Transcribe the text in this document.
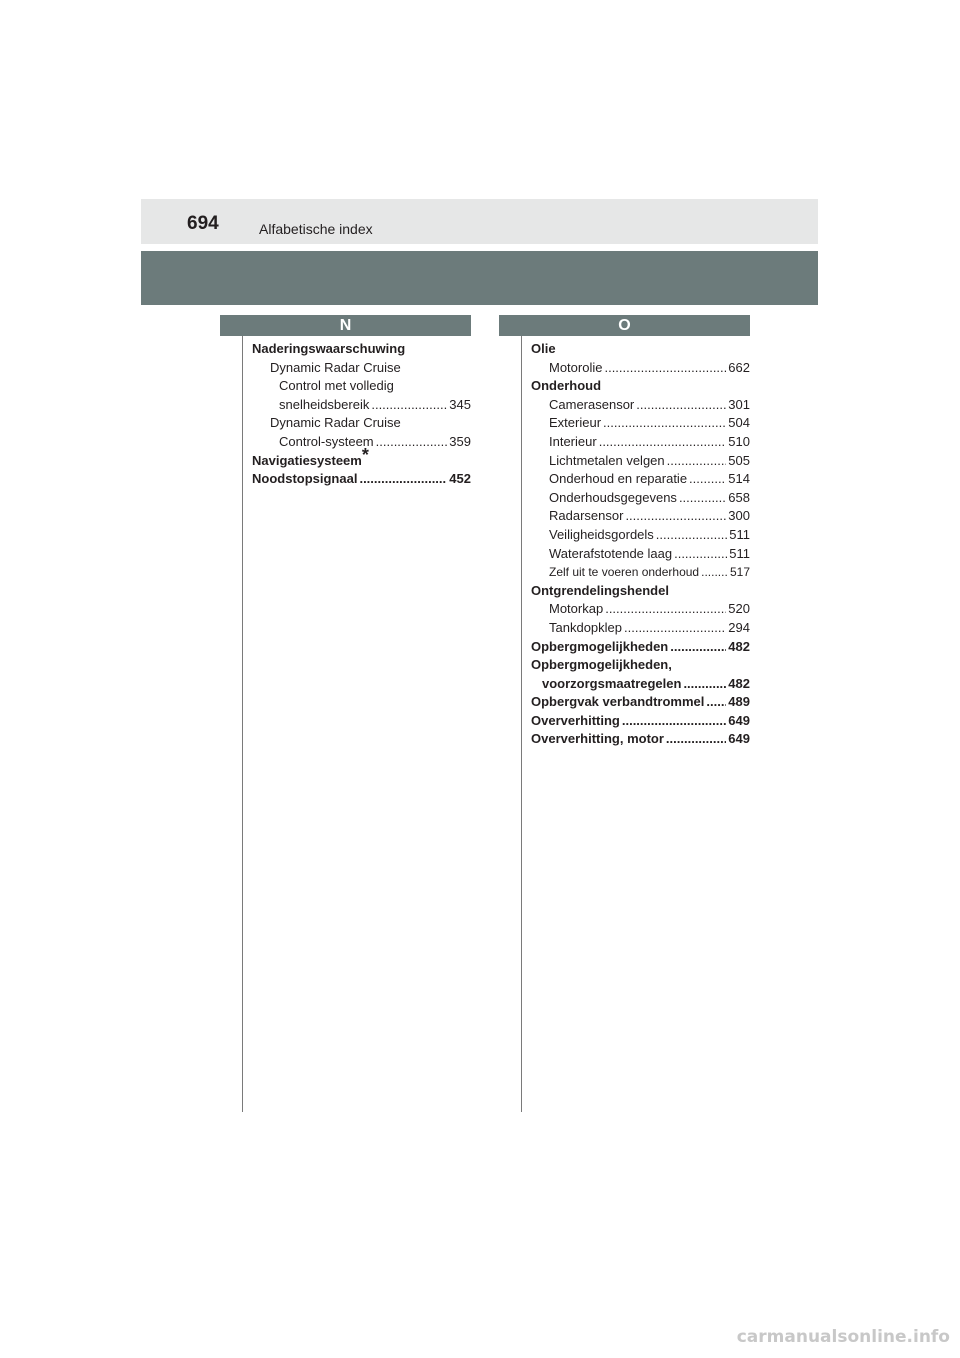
694	Alfabetische index
N	O
Naderingswaarschuwing
Dynamic Radar Cruise
Control met volledig
snelheidsbereik .....	345
Dynamic Radar Cruise
Control-systeem .....	359
Navigatiesysteem*
Noodstopsignaal .....	452
Olie
Motorolie .....	662
Onderhoud
Camerasensor .....	301
Exterieur .....	504
Interieur .....	510
Lichtmetalen velgen .....	505
Onderhoud en reparatie .....	514
Onderhoudsgegevens .....	658
Radarsensor .....	300
Veiligheidsgordels .....	511
Waterafstotende laag .....	511
Zelf uit te voeren onderhoud .....	517
Ontgrendelingshendel
Motorkap .....	520
Tankdopklep .....	294
Opbergmogelijkheden .....	482
Opbergmogelijkheden,
voorzorgsmaatregelen .....	482
Opbergvak verbandtrommel ..... 489
Oververhitting .....	649
Oververhitting, motor .....	649
carmanualsonline.info
